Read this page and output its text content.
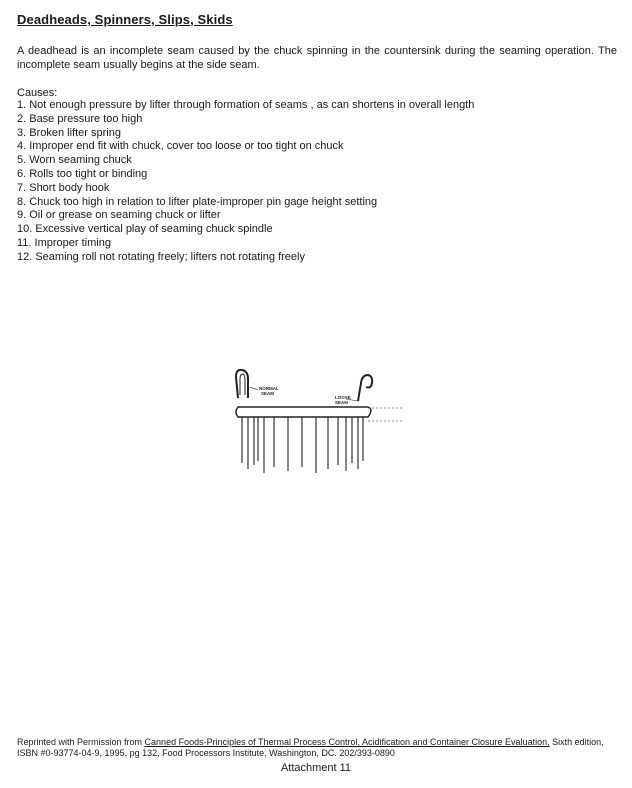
Deadheads, Spinners, Slips, Skids
A deadhead is an incomplete seam caused by the chuck spinning in the countersink during the seaming operation. The incomplete seam usually begins at the side seam.
Causes:
1. Not enough pressure by lifter through formation of seams , as can shortens in overall length
2. Base pressure too high
3. Broken lifter spring
4. Improper end fit with chuck, cover too loose or too tight on chuck
5. Worn seaming chuck
6. Rolls too tight or binding
7. Short body hook
8. Chuck too high in relation to lifter plate-improper pin gage height setting
9. Oil or grease on seaming chuck or lifter
10. Excessive vertical play of seaming chuck spindle
11. Improper timing
12. Seaming roll not rotating freely; lifters not rotating freely
NORMAL
SEAM
LOOSE
SEAM
Reprinted with Permission from Canned Foods-Principles of Thermal Process Control, Acidification and Container Closure Evaluation, Sixth edition, ISBN #0-93774-04-9, 1995, pg 132, Food Processors Institute, Washington, DC. 202/393-0890
Attachment 11
